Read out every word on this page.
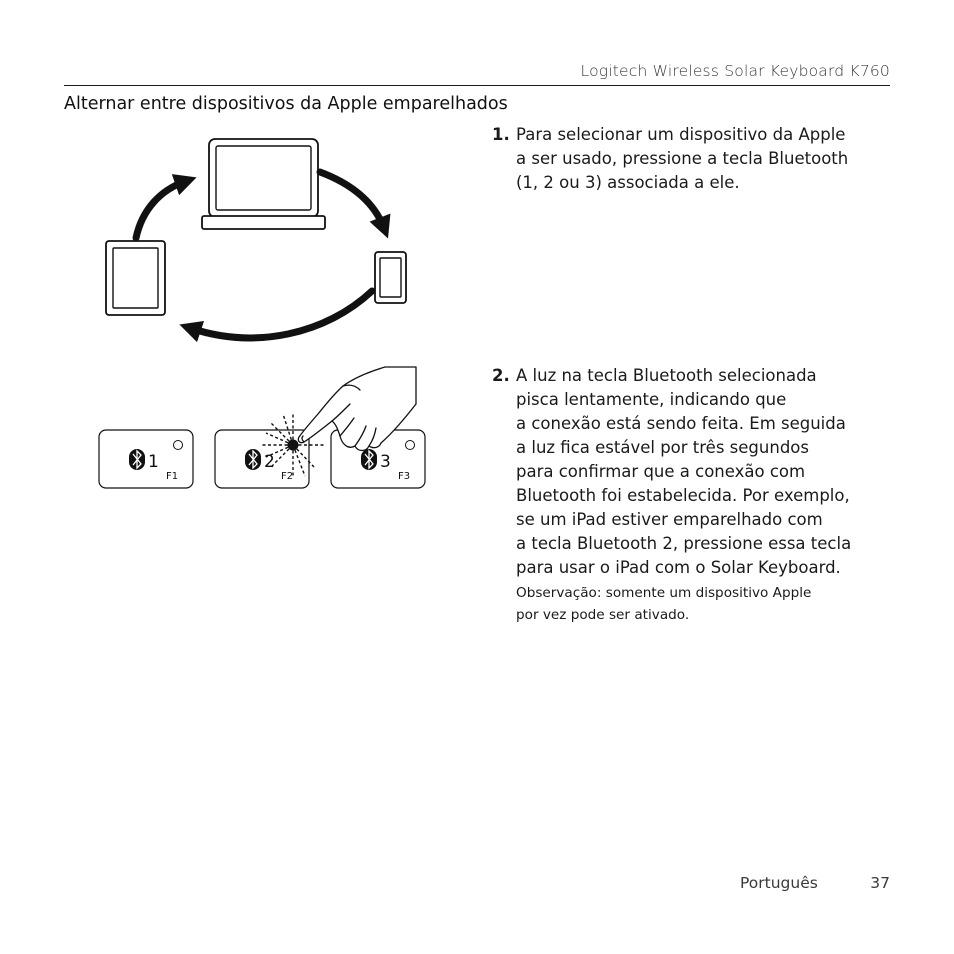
Logitech Wireless Solar Keyboard K760
Alternar entre dispositivos da Apple emparelhados
1
F1
2
F2
3
F3
1. Para selecionar um dispositivo da Apple
a ser usado, pressione a tecla Bluetooth
(1, 2 ou 3) associada a ele.
2. A luz na tecla Bluetooth selecionada
pisca lentamente, indicando que
a conexão está sendo feita. Em seguida
a luz fica estável por três segundos
para confirmar que a conexão com
Bluetooth foi estabelecida. Por exemplo,
se um iPad estiver emparelhado com
a tecla Bluetooth 2, pressione essa tecla
para usar o iPad com o Solar Keyboard.
Observação: somente um dispositivo Apple
por vez pode ser ativado.
Português	37
